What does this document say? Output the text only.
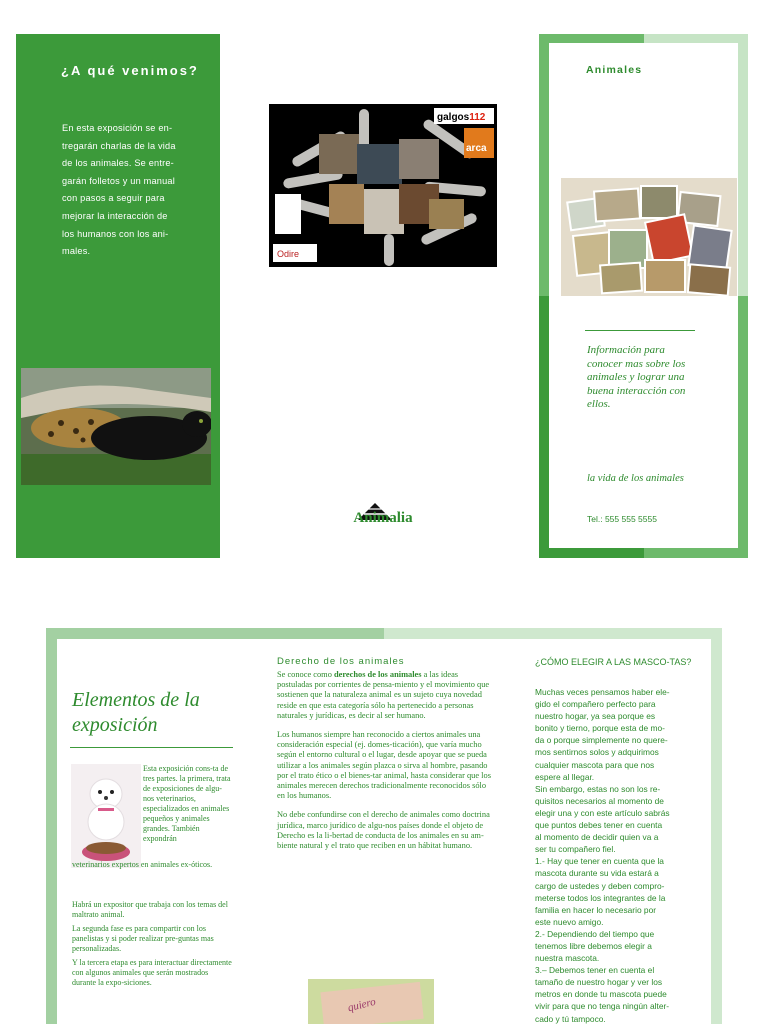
¿A qué venimos?
En esta exposición se en-
tregarán charlas de la vida
de los animales. Se entre-
garán folletos y un manual
con pasos a seguir para
mejorar la interacción de
los humanos con los ani-
males.
galgos112
arca
Odire
Animalia
Animales
Información para conocer mas sobre los animales y lograr una buena interacción con ellos.
la vida de los animales
Tel.: 555 555 5555
Elementos de la exposición
Esta exposición cons-ta de tres partes. la primera, trata de exposiciones de algu-nos veterinarios, especializados en animales pequeños y animales grandes. También expondrán
veterinarios expertos en animales ex-óticos.

Habrá un expositor que trabaja con los temas del maltrato animal.

La segunda fase es para compartir con los panelistas y si poder realizar pre-guntas mas personalizadas.

Y la tercera etapa es para interactuar directamente con algunos animales que serán mostrados durante la expo-siciones.

Derecho de los animales

Se conoce como derechos de los animales a las ideas postuladas por corrientes de pensa-miento y el movimiento que sostienen que la naturaleza animal es un sujeto cuya novedad reside en que esta categoría sólo ha pertenecido a personas naturales y jurídicas, es decir al ser humano.

Los humanos siempre han reconocido a ciertos animales una consideración especial (ej. domes-ticación), que varía mucho según el entorno cultural o el lugar, desde apoyar que se pueda utilizar a los animales según plazca o sirva al hombre, pasando por el trato ético o el bienes-tar animal, hasta considerar que los animales merecen derechos tradicionalmente reconocidos sólo en los humanos.

No debe confundirse con el derecho de animales como doctrina jurídica, marco jurídico de algu-nos países donde el objeto de Derecho es la li-bertad de conducta de los animales en su am-biente natural y el trato que reciben en un hábitat humano.

quiero
¿CÓMO ELEGIR A LAS MASCO-TAS?
Muchas veces pensamos haber ele-
gido el compañero perfecto para
nuestro hogar, ya sea porque es
bonito y tierno, porque esta de mo-
da o porque simplemente no quere-
mos sentirnos solos y adquirimos
cualquier mascota para que nos
espere al llegar.
Sin embargo, estas no son los re-
quisitos necesarios al momento de
elegir una y con este artículo sabrás
que puntos debes tener en cuenta
al momento de decidir quien va a
ser tu compañero fiel.
1.- Hay que tener en cuenta que la
mascota durante su vida estará a
cargo de ustedes y deben compro-
meterse todos los integrantes de la
familia en hacer lo necesario por
este nuevo amigo.
2.- Dependiendo del tiempo que
tenemos libre debemos elegir a
nuestra mascota.
3.– Debemos tener en cuenta el
tamaño de nuestro hogar y ver los
metros en donde tu mascota puede
vivir para que no tenga ningún alter-
cado y tú tampoco.
